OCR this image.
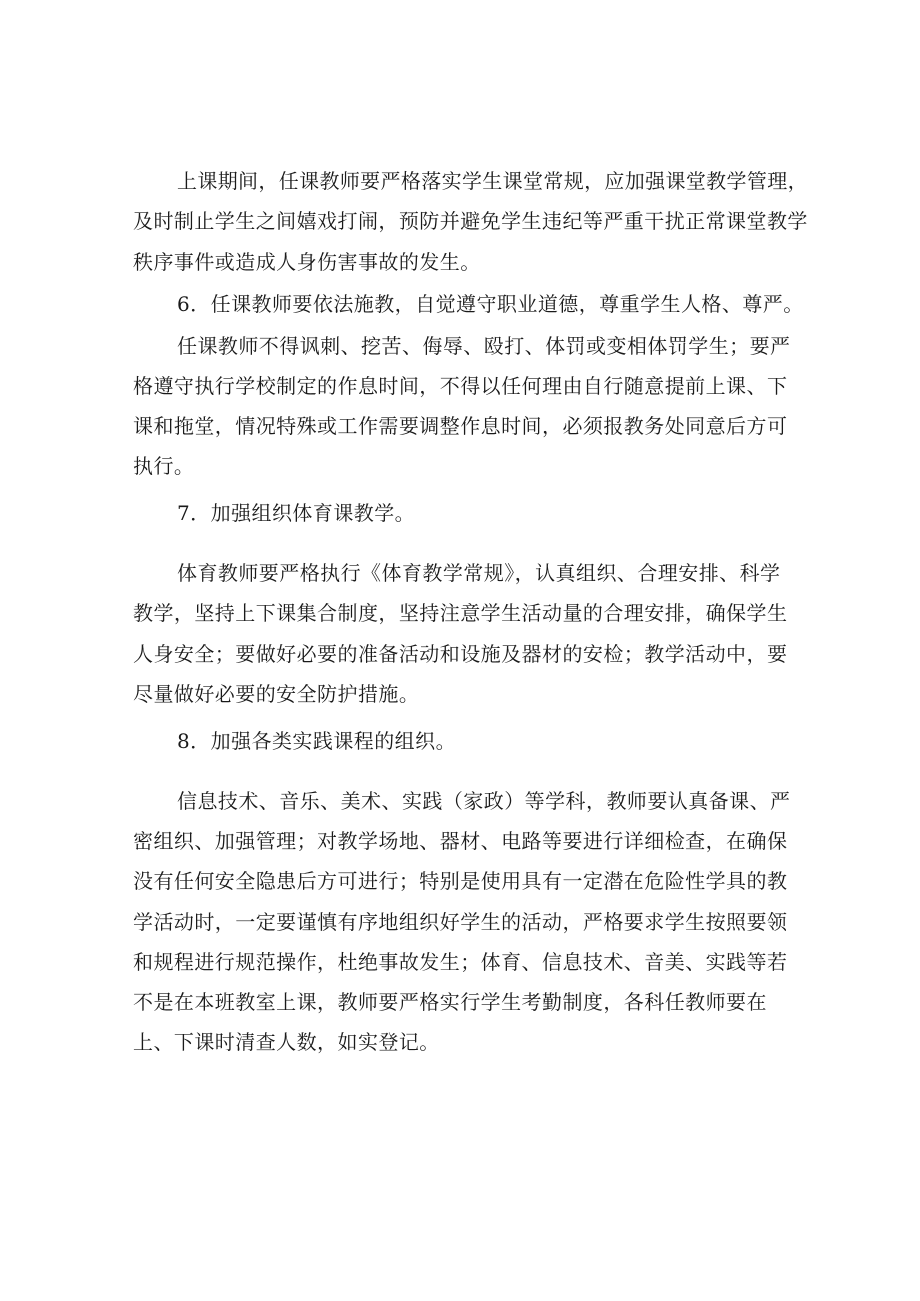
上课期间，任课教师要严格落实学生课堂常规，应加强课堂教学管理，
及时制止学生之间嬉戏打闹，预防并避免学生违纪等严重干扰正常课堂教学
秩序事件或造成人身伤害事故的发生。
6．任课教师要依法施教，自觉遵守职业道德，尊重学生人格、尊严。
任课教师不得讽刺、挖苦、侮辱、殴打、体罚或变相体罚学生；要严
格遵守执行学校制定的作息时间，不得以任何理由自行随意提前上课、下
课和拖堂，情况特殊或工作需要调整作息时间，必须报教务处同意后方可
执行。
7．加强组织体育课教学。
体育教师要严格执行《体育教学常规》，认真组织、合理安排、科学
教学，坚持上下课集合制度，坚持注意学生活动量的合理安排，确保学生
人身安全；要做好必要的准备活动和设施及器材的安检；教学活动中，要
尽量做好必要的安全防护措施。
8．加强各类实践课程的组织。
信息技术、音乐、美术、实践（家政）等学科，教师要认真备课、严
密组织、加强管理；对教学场地、器材、电路等要进行详细检查，在确保
没有任何安全隐患后方可进行；特别是使用具有一定潜在危险性学具的教
学活动时，一定要谨慎有序地组织好学生的活动，严格要求学生按照要领
和规程进行规范操作，杜绝事故发生；体育、信息技术、音美、实践等若
不是在本班教室上课，教师要严格实行学生考勤制度，各科任教师要在
上、下课时清查人数，如实登记。
